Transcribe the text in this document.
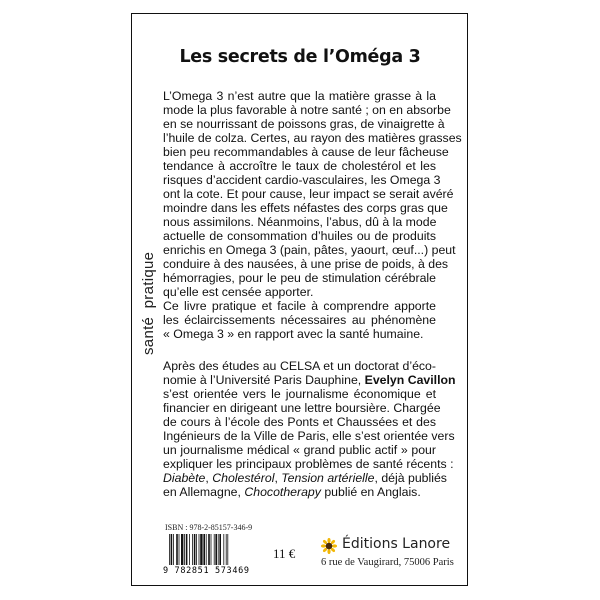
Les secrets de l’Oméga 3
santé pratique
L’Omega 3 n’est autre que la matière grasse à la
mode la plus favorable à notre santé ; on en absorbe
en se nourrissant de poissons gras, de vinaigrette à
l’huile de colza. Certes, au rayon des matières grasses
bien peu recommandables à cause de leur fâcheuse
tendance à accroître le taux de cholestérol et les
risques d’accident cardio-vasculaires, les Omega 3
ont la cote. Et pour cause, leur impact se serait avéré
moindre dans les effets néfastes des corps gras que
nous assimilons. Néanmoins, l’abus, dû à la mode
actuelle de consommation d’huiles ou de produits
enrichis en Omega 3 (pain, pâtes, yaourt, œuf...) peut
conduire à des nausées, à une prise de poids, à des
hémorragies, pour le peu de stimulation cérébrale
qu’elle est censée apporter.
Ce livre pratique et facile à comprendre apporte
les éclaircissements nécessaires au phénomène
« Omega 3 » en rapport avec la santé humaine.
Après des études au CELSA et un doctorat d’éco-
nomie à l’Université Paris Dauphine, Evelyn Cavillon
s’est orientée vers le journalisme économique et
financier en dirigeant une lettre boursière. Chargée
de cours à l’école des Ponts et Chaussées et des
Ingénieurs de la Ville de Paris, elle s’est orientée vers
un journalisme médical « grand public actif » pour
expliquer les principaux problèmes de santé récents :
Diabète, Cholestérol, Tension artérielle, déjà publiés
en Allemagne, Chocotherapy publié en Anglais.
ISBN : 978-2-85157-346-9
9 782851 573469
11 €
Éditions Lanore
6 rue de Vaugirard, 75006 Paris
